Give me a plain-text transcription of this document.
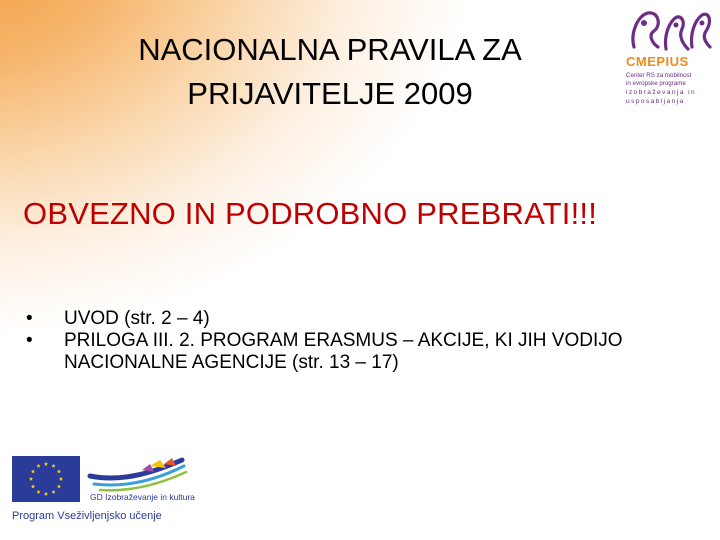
NACIONALNA PRAVILA ZA
PRIJAVITELJE 2009
CMEPIUS
Center RS za mobilnost
in evropske programe
izobraževanja in
usposabljanja
OBVEZNO IN PODROBNO PREBRATI!!!
• UVOD (str. 2 – 4)
• PRILOGA III. 2. PROGRAM ERASMUS – AKCIJE, KI JIH VODIJO NACIONALNE AGENCIJE (str. 13 – 17)
GD Izobraževanje in kultura
Program Vseživljenjsko učenje
